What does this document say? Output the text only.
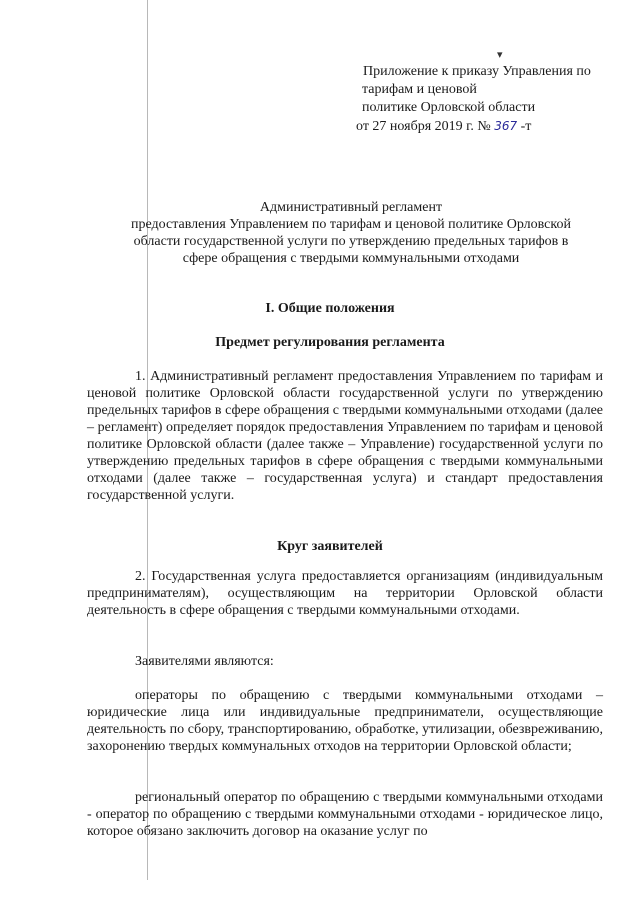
▾
Приложение к приказу Управления по
тарифам и ценовой
политике Орловской области
от 27 ноября 2019 г. № 367 -т
Административный регламент
предоставления Управлением по тарифам и ценовой политике Орловской
области государственной услуги по утверждению предельных тарифов в
сфере обращения с твердыми коммунальными отходами
I. Общие положения
Предмет регулирования регламента
1. Административный регламент предоставления Управлением по тарифам и ценовой политике Орловской области государственной услуги по утверждению предельных тарифов в сфере обращения с твердыми коммунальными отходами (далее – регламент) определяет порядок предоставления Управлением по тарифам и ценовой политике Орловской области (далее также – Управление) государственной услуги по утверждению предельных тарифов в сфере обращения с твердыми коммунальными отходами (далее также – государственная услуга) и стандарт предоставления государственной услуги.
Круг заявителей
2. Государственная услуга предоставляется организациям (индивидуальным предпринимателям), осуществляющим на территории Орловской области деятельность в сфере обращения с твердыми коммунальными отходами.
Заявителями являются:
операторы по обращению с твердыми коммунальными отходами – юридические лица или индивидуальные предприниматели, осуществляющие деятельность по сбору, транспортированию, обработке, утилизации, обезвреживанию, захоронению твердых коммунальных отходов на территории Орловской области;
региональный оператор по обращению с твердыми коммунальными отходами - оператор по обращению с твердыми коммунальными отходами - юридическое лицо, которое обязано заключить договор на оказание услуг по
